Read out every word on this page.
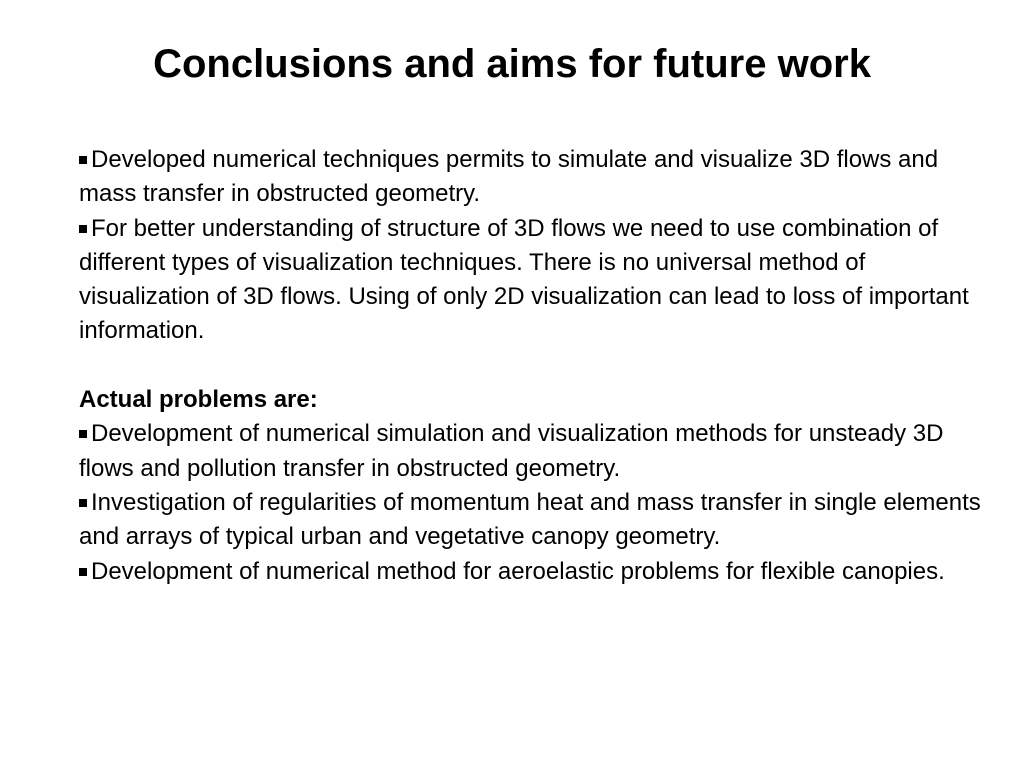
Conclusions and aims for future work

Developed numerical techniques permits to simulate and visualize 3D flows and mass transfer in obstructed geometry.

For better understanding of structure of 3D flows we need to use combination of different types of visualization techniques. There is no universal method of visualization of 3D flows. Using of only 2D visualization can lead to loss of important information.

Actual problems are:

Development of numerical simulation and visualization methods for unsteady 3D flows and pollution transfer in obstructed geometry.

Investigation of regularities of momentum heat and mass transfer in single elements and arrays of typical urban and vegetative canopy geometry.

Development of numerical method for aeroelastic problems for flexible canopies.
